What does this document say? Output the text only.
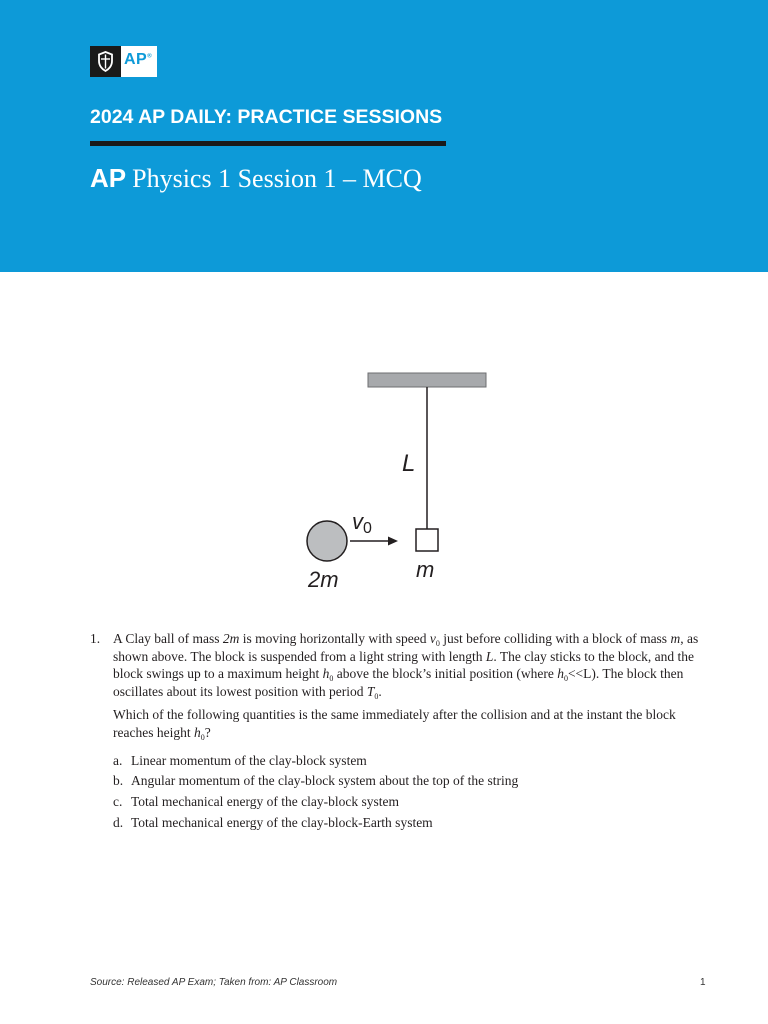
AP®
2024 AP DAILY: PRACTICE SESSIONS
AP Physics 1 Session 1 – MCQ
L
m
2m
v0
1. A Clay ball of mass 2m is moving horizontally with speed $v_0$ just before colliding with a block of mass m, as shown above. The block is suspended from a light string with length L. The clay sticks to the block, and the block swings up to a maximum height $h_0$ above the block’s initial position (where $h_0<<L$). The block then oscillates about its lowest position with period $T_0$.

Which of the following quantities is the same immediately after the collision and at the instant the block reaches height $h_0$?

a. Linear momentum of the clay-block system
b. Angular momentum of the clay-block system about the top of the string
c. Total mechanical energy of the clay-block system
d. Total mechanical energy of the clay-block-Earth system
Source: Released AP Exam; Taken from: AP Classroom	1
